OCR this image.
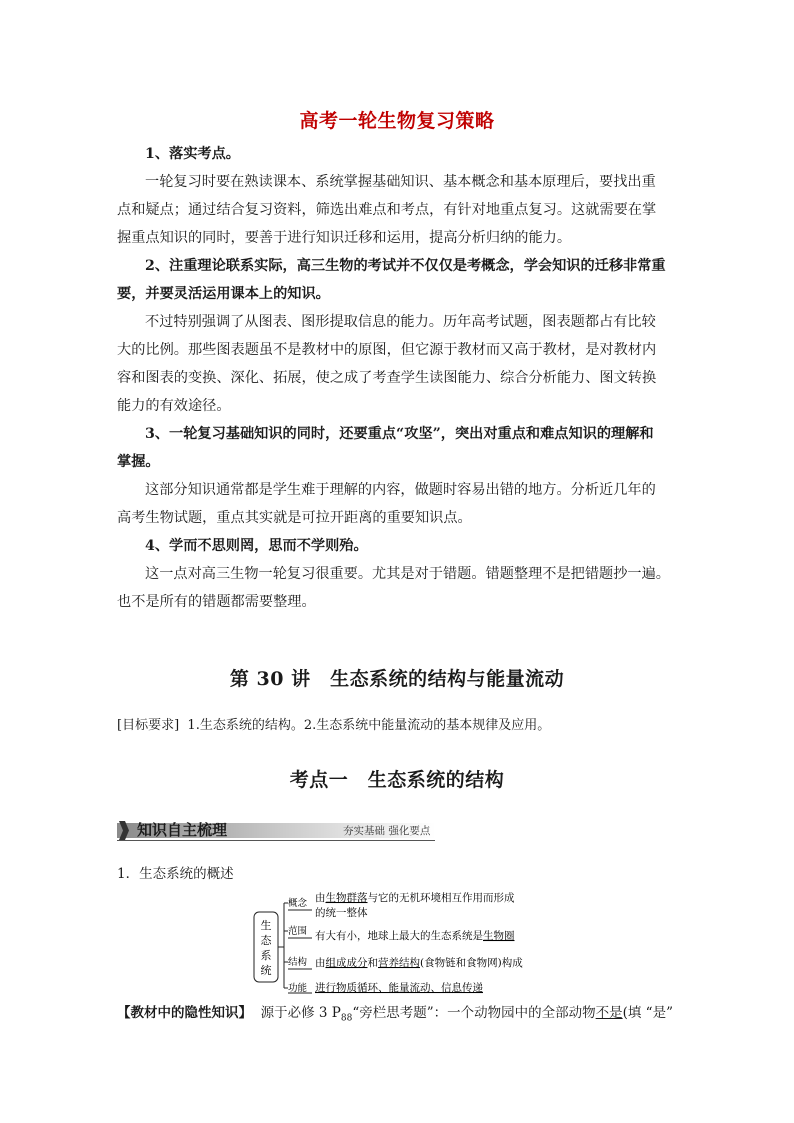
高考一轮生物复习策略
1、落实考点。
一轮复习时要在熟读课本、系统掌握基础知识、基本概念和基本原理后，要找出重
点和疑点；通过结合复习资料，筛选出难点和考点，有针对地重点复习。这就需要在掌
握重点知识的同时，要善于进行知识迁移和运用，提高分析归纳的能力。
2、注重理论联系实际，高三生物的考试并不仅仅是考概念，学会知识的迁移非常重
要，并要灵活运用课本上的知识。
不过特别强调了从图表、图形提取信息的能力。历年高考试题，图表题都占有比较
大的比例。那些图表题虽不是教材中的原图，但它源于教材而又高于教材，是对教材内
容和图表的变换、深化、拓展，使之成了考查学生读图能力、综合分析能力、图文转换
能力的有效途径。
3、一轮复习基础知识的同时，还要重点“攻坚”，突出对重点和难点知识的理解和
掌握。
这部分知识通常都是学生难于理解的内容，做题时容易出错的地方。分析近几年的
高考生物试题，重点其实就是可拉开距离的重要知识点。
4、学而不思则罔，思而不学则殆。
这一点对高三生物一轮复习很重要。尤其是对于错题。错题整理不是把错题抄一遍。
也不是所有的错题都需要整理。
第 30 讲　生态系统的结构与能量流动
[目标要求] 1.生态系统的结构。2.生态系统中能量流动的基本规律及应用。
考点一　生态系统的结构
知识自主梳理	夯实基础 强化要点
1．生态系统的概述
生
态
系
统
概念
范围
结构
功能
由生物群落与它的无机环境相互作用而形成
的统一整体
有大有小，地球上最大的生态系统是生物圈
由组成成分和营养结构(食物链和食物网)构成
进行物质循环、能量流动、信息传递
【教材中的隐性知识】 源于必修 3 $P_{88}“$旁栏思考题”：一个动物园中的全部动物不是(填 “是”
